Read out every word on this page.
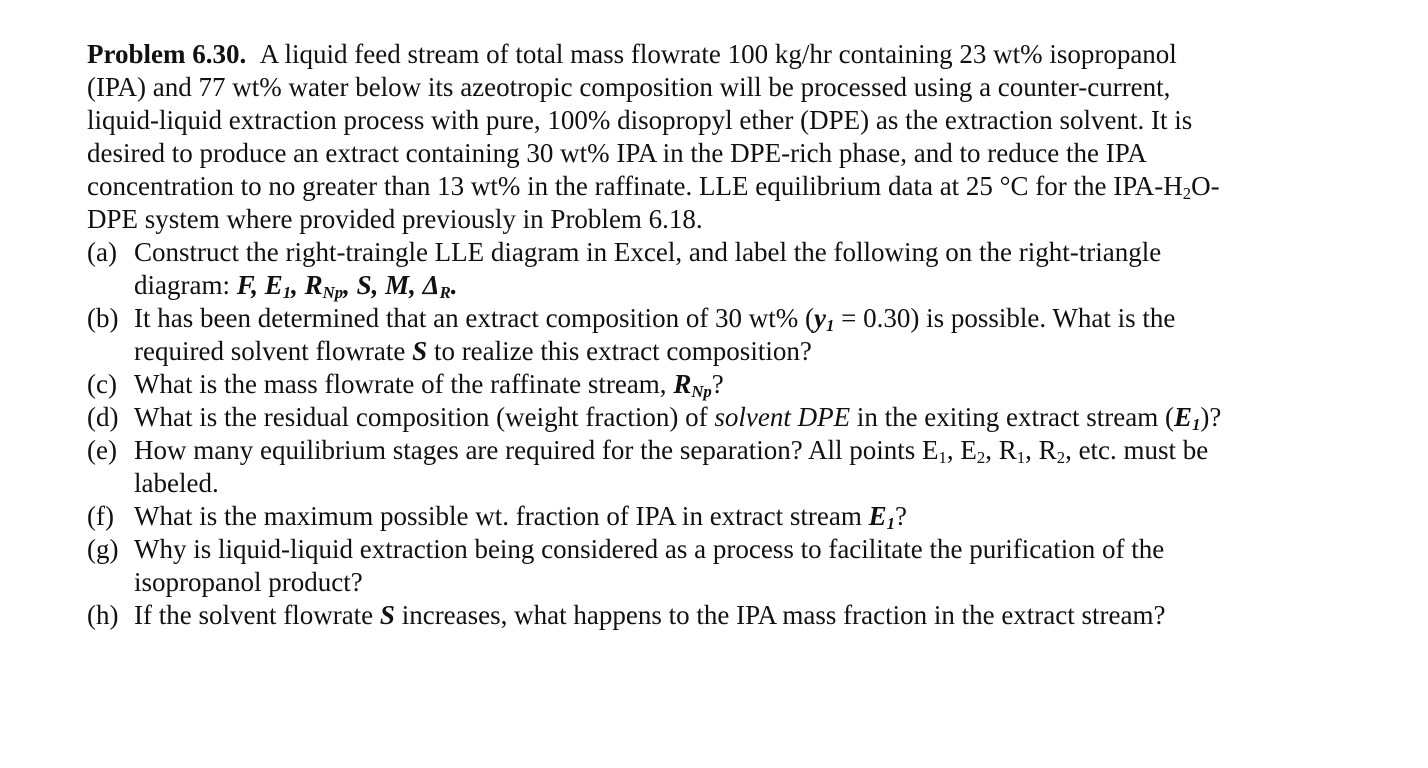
Problem 6.30. A liquid feed stream of total mass flowrate 100 kg/hr containing 23 wt% isopropanol
(IPA) and 77 wt% water below its azeotropic composition will be processed using a counter-current,
liquid-liquid extraction process with pure, 100% disopropyl ether (DPE) as the extraction solvent. It is
desired to produce an extract containing 30 wt% IPA in the DPE-rich phase, and to reduce the IPA
concentration to no greater than 13 wt% in the raffinate. LLE equilibrium data at 25 °C for the IPA-$H_2O-$
DPE system where provided previously in Problem 6.18.

(a) Construct the right-traingle LLE diagram in Excel, and label the following on the right-triangle
diagram: F, $E_1$, $R_{Np}$, S, M, $\Delta_R$.
(b) It has been determined that an extract composition of 30 wt% $(y_1 = 0.30)$ is possible. What is the
required solvent flowrate S to realize this extract composition?
(c) What is the mass flowrate of the raffinate stream, $R_{Np}$?
(d) What is the residual composition (weight fraction) of solvent DPE in the exiting extract stream $(E_1)$?
(e) How many equilibrium stages are required for the separation? All points $E_1$, $E_2$, $R_1$, $R_2$, etc. must be
labeled.
(f) What is the maximum possible wt. fraction of IPA in extract stream $E_1$?
(g) Why is liquid-liquid extraction being considered as a process to facilitate the purification of the
isopropanol product?
(h) If the solvent flowrate S increases, what happens to the IPA mass fraction in the extract stream?
